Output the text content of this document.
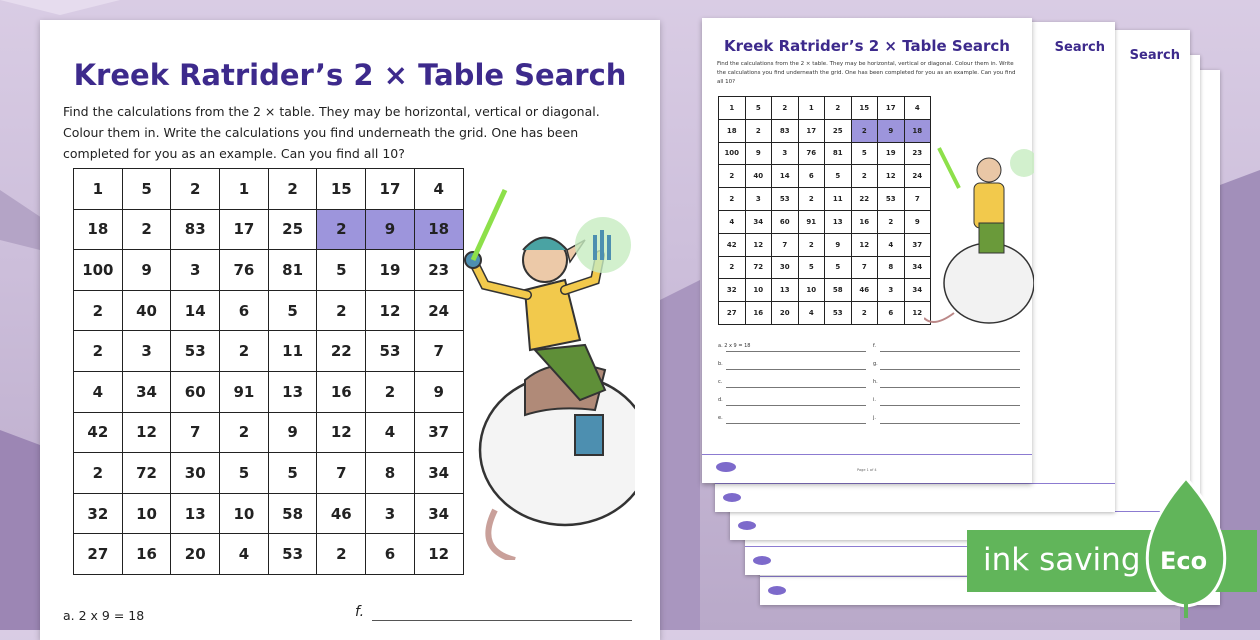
Search
Search
Kreek Ratrider’s 2 × Table Search
Find the calculations from the 2 × table. They may be horizontal, vertical or diagonal. Colour them in. Write the calculations you find underneath the grid. One has been completed for you as an example. Can you find all 10?
1	5	2	1	2	15	17	4
18	2	83	17	25	2	9	18
100	9	3	76	81	5	19	23
2	40	14	6	5	2	12	24
2	3	53	2	11	22	53	7
4	34	60	91	13	16	2	9
42	12	7	2	9	12	4	37
2	72	30	5	5	7	8	34
32	10	13	10	58	46	3	34
27	16	20	4	53	2	6	12
a. 2 x 9 = 18
b.
c.
d.
e.
f.
g.
h.
i.
j.
Page 1 of 4
Kreek Ratrider’s 2 × Table Search
Find the calculations from the 2 × table. They may be horizontal, vertical or diagonal. Colour them in. Write the calculations you find underneath the grid. One has been completed for you as an example. Can you find all 10?
1	5	2	1	2	15	17	4
18	2	83	17	25	2	9	18
100	9	3	76	81	5	19	23
2	40	14	6	5	2	12	24
2	3	53	2	11	22	53	7
4	34	60	91	13	16	2	9
42	12	7	2	9	12	4	37
2	72	30	5	5	7	8	34
32	10	13	10	58	46	3	34
27	16	20	4	53	2	6	12
a. 2 x 9 = 18	f.
ink saving Eco
